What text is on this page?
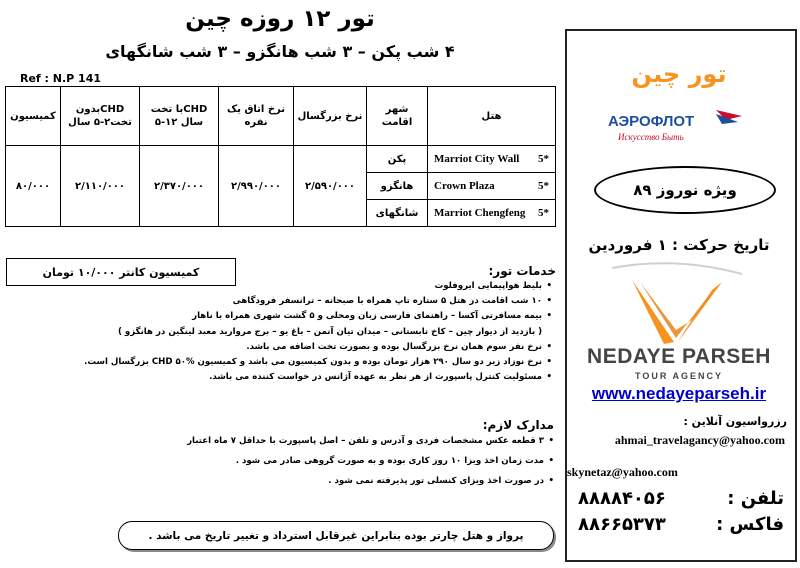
تور ۱۲ روزه چین
۴ شب پکن – ۳ شب هانگزو – ۳ شب شانگهای
Ref : N.P 141
کمیسیون	بدونCHD تخت۲-۵ سال	با تختCHD ۵-۱۲ سال	نرخ اتاق یک نفره	نرخ بزرگسال	شهر اقامت	هتل
۸۰/۰۰۰	۲/۱۱۰/۰۰۰	۲/۳۷۰/۰۰۰	۲/۹۹۰/۰۰۰	۲/۵۹۰/۰۰۰	پکن	Marriot City Wall 5*

					هانگزو	Crown Plaza 5*

					شانگهای	Marriot Chengfeng 5*
کمیسیون کانتر ۱۰/۰۰۰ تومان	خدمات تور:
• بلیط هواپیمایی ایروفلوت
• ۱۰ شب اقامت در هتل ۵ ستاره تاپ همراه با صبحانه – ترانسفر فرودگاهی
• بیمه مسافرتی آکسا – راهنمای فارسی زبان ومحلی و ۵ گشت شهری همراه با ناهار
( بازدید از دیوار چین – کاخ تابستانی – میدان تیان آنمن – باغ یو – برج مروارید معبد لینگین در هانگزو )
• نرخ نفر سوم همان نرخ بزرگسال بوده و بصورت تخت اضافه می باشد.
• نرخ نوزاد زیر دو سال ۲۹۰ هزار تومان بوده و بدون کمیسیون می باشد و کمیسیون CHD ۵۰% بزرگسال است.
• مسئولیت کنترل پاسپورت از هر نظر به عهده آژانس در خواست کننده می باشد.
مدارک لازم:
• ۳ قطعه عکس مشخصات فردی و آدرس و تلفن – اصل پاسپورت با حداقل ۷ ماه اعتبار
• مدت زمان اخذ ویزا ۱۰ روز کاری بوده و به صورت گروهی صادر می شود .
• در صورت اخذ ویزای کنسلی تور پذیرفته نمی شود .
پرواز و هتل چارتر بوده بنابراین غیرقابل استرداد و تغییر تاریخ می باشد .
تور چین
АЭРОФЛОТ
Искусство Быть
ویژه نوروز ۸۹
تاریخ حرکت : ۱ فروردین
NEDAYE PARSEH
TOUR AGENCY
www.nedayeparseh.ir
رزرواسیون آنلاین :
ahmai_travelagancy@yahoo.com
skynetaz@yahoo.com
تلفن :
۸۸۸۸۴۰۵۶
فاکس :
۸۸۶۶۵۳۷۳
